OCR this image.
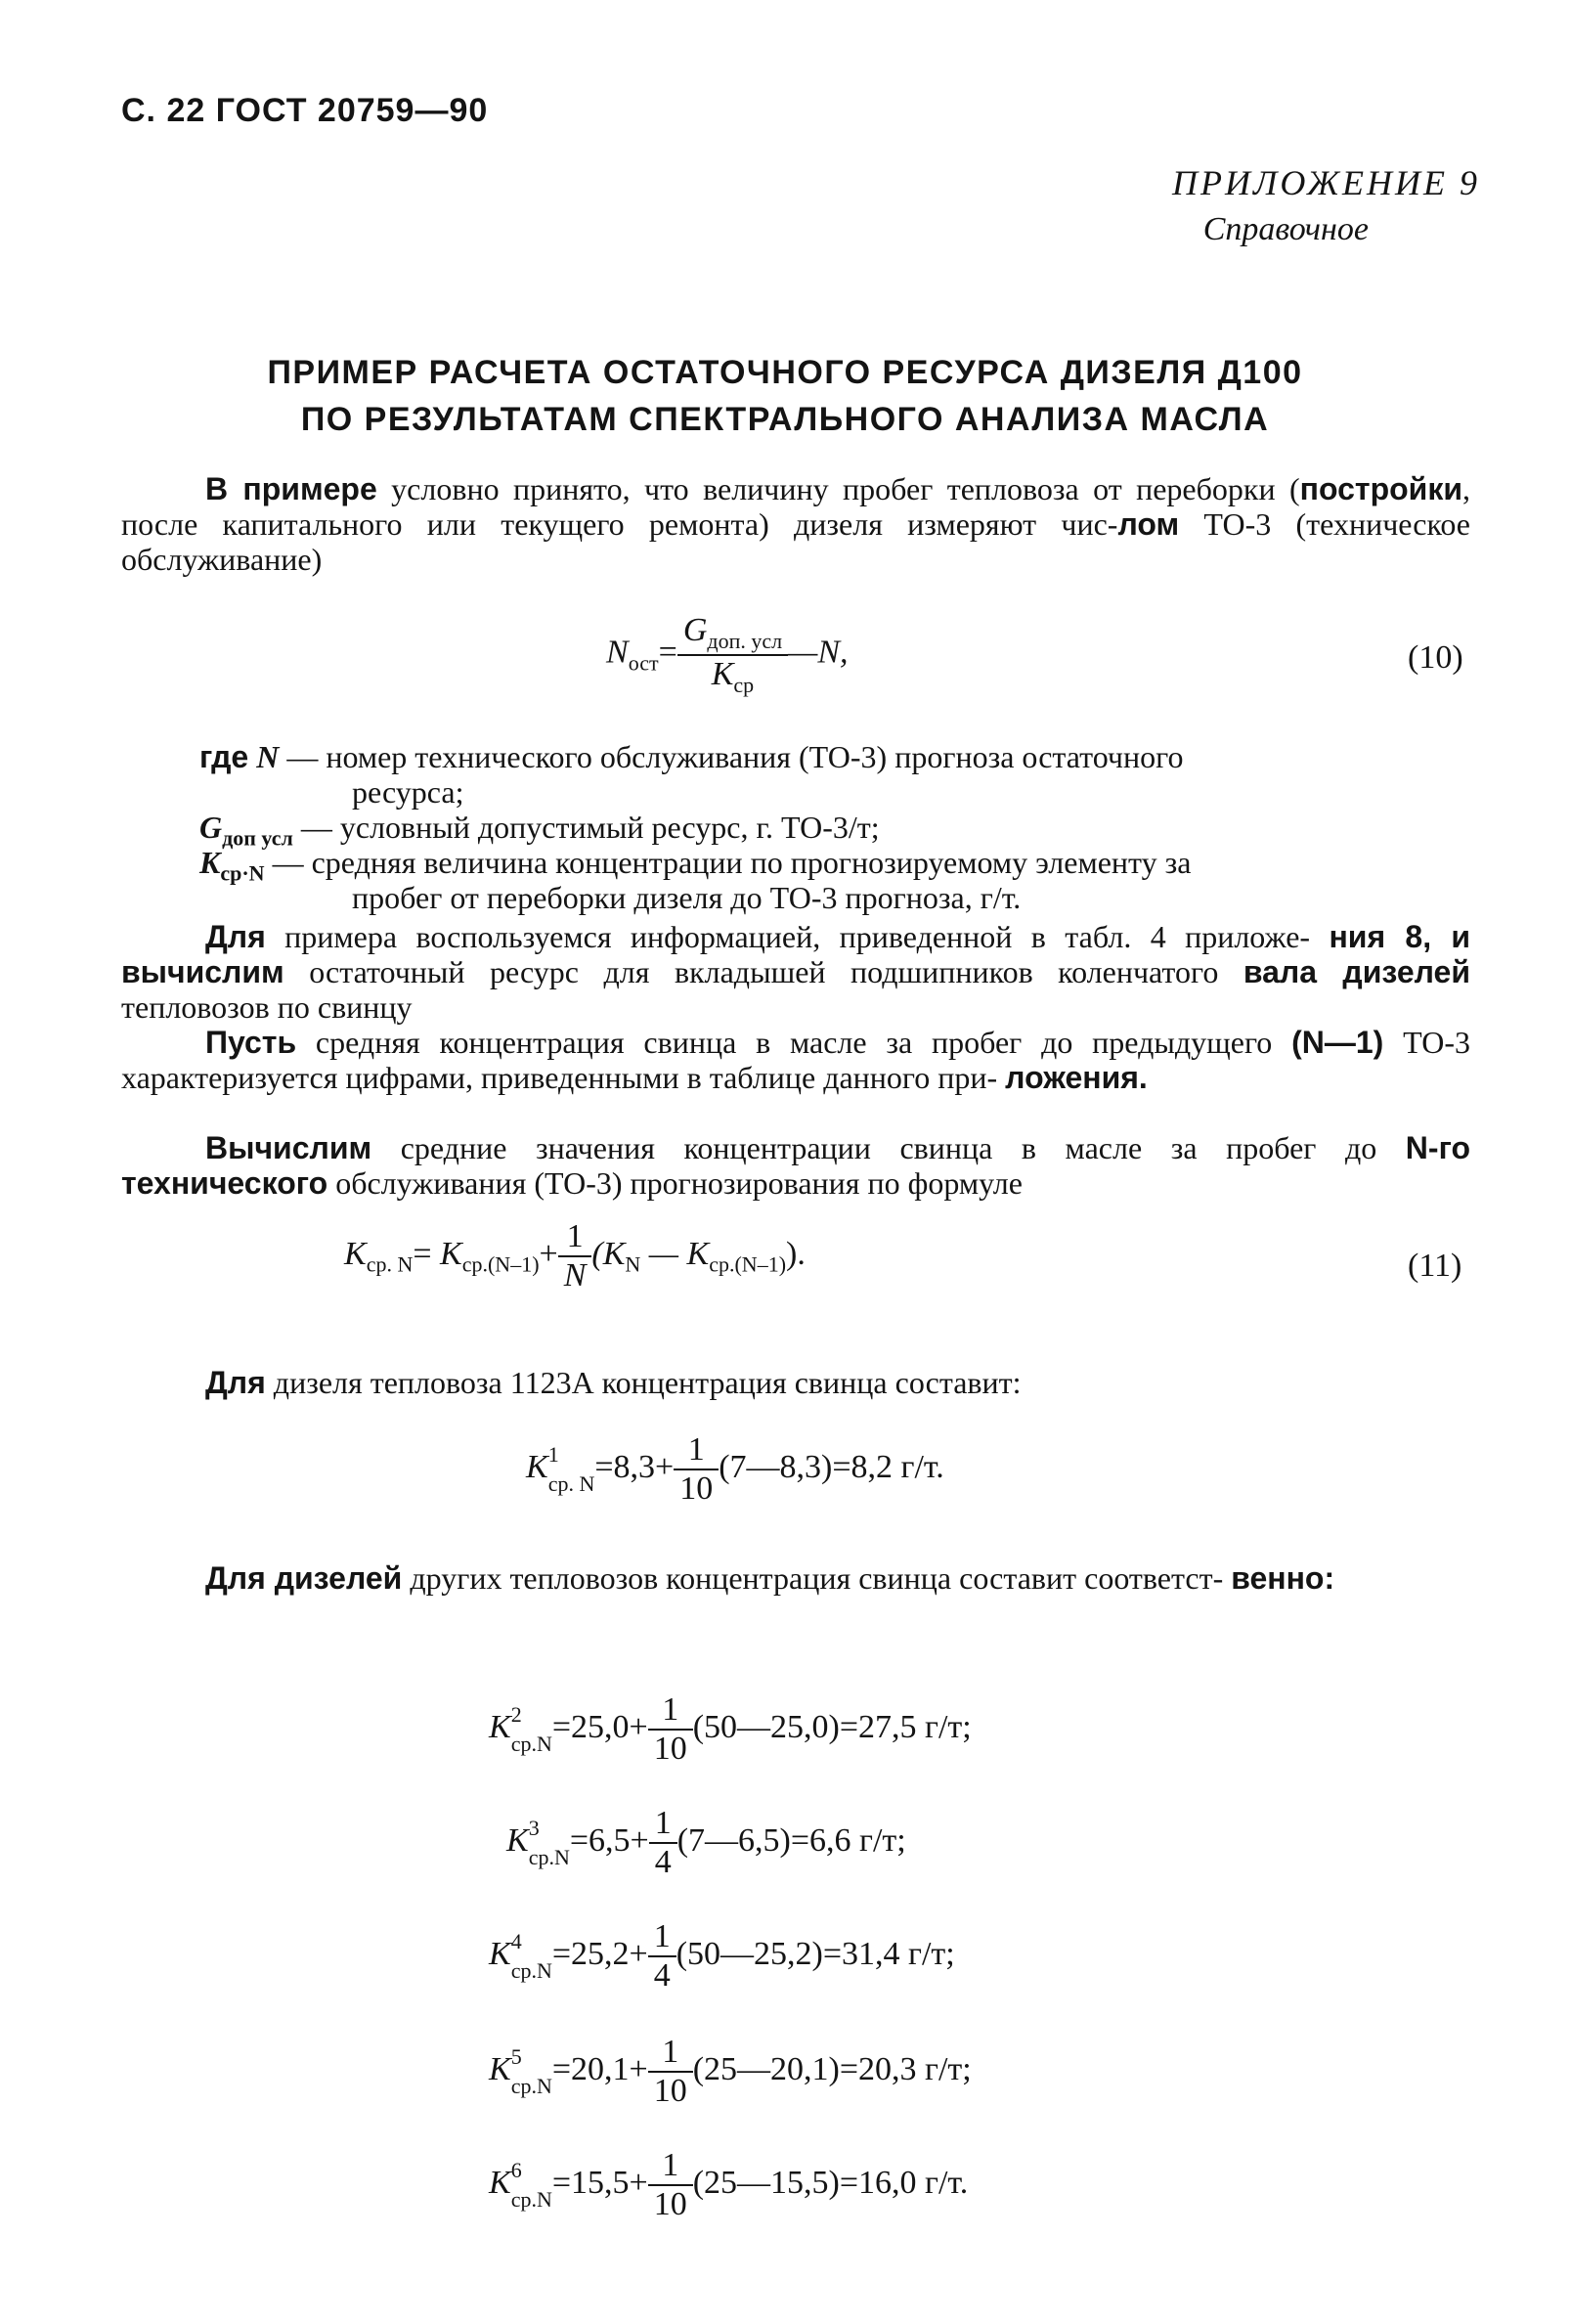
С. 22 ГОСТ 20759—90
ПРИЛОЖЕНИЕ 9
Справочное
ПРИМЕР РАСЧЕТА ОСТАТОЧНОГО РЕСУРСА ДИЗЕЛЯ Д100
ПО РЕЗУЛЬТАТАМ СПЕКТРАЛЬНОГО АНАЛИЗА МАСЛА
В примере условно принято, что величину пробег тепловоза от переборки (постройки, после капитального или текущего ремонта) дизеля измеряют чис-лом ТО-3 (техническое обслуживание)
$N_{ост}= \frac{G_{доп. усл}}{K_{ср}}$ —N,	(10)
где N — номер технического обслуживания (ТО-3) прогноза остаточного
ресурса;
$G_{доп усл}$ — условный допустимый ресурс, г. ТО-3/т;
$K_{ср\cdot N}$ — средняя величина концентрации по прогнозируемому элементу за
пробег от переборки дизеля до ТО-3 прогноза, г/т.
Для примера воспользуемся информацией, приведенной в табл. 4 приложе- ния 8, и вычислим остаточный ресурс для вкладышей подшипников коленчатого вала дизелей тепловозов по свинцу
Пусть средняя концентрация свинца в масле за пробег до предыдущего (N—1) ТО-3 характеризуется цифрами, приведенными в таблице данного при- ложения.
Вычислим средние значения концентрации свинца в масле за пробег до N-го технического обслуживания (ТО-3) прогнозирования по формуле
$K_{ср. N}= K_{ср.(N-1)}+ \frac{1}{N} (K_N$ — $K_{ср.(N-1)}$).	(11)
Для дизеля тепловоза 1123А концентрация свинца составит:
$K^1$
ср. $N=8,3+ \frac{1}{10}$ (7—8,3)=8,2 г/т.
Для дизелей других тепловозов концентрация свинца составит соответст- венно:
$K^2$
$ср.N=25,0+ \frac{1}{10}$ (50—25,0)=27,5 г/т;
$K^3$
$ср.N=6,5+ \frac{1}{4}$ (7—6,5)=6,6 г/т;
$K^4$
$ср.N=25,2+ \frac{1}{4}$ (50—25,2)=31,4 г/т;
$K^5$
$ср.N=20,1+ \frac{1}{10}$ (25—20,1)=20,3 г/т;
$K^6$
$ср.N=15,5+ \frac{1}{10}$ (25—15,5)=16,0 г/т.
